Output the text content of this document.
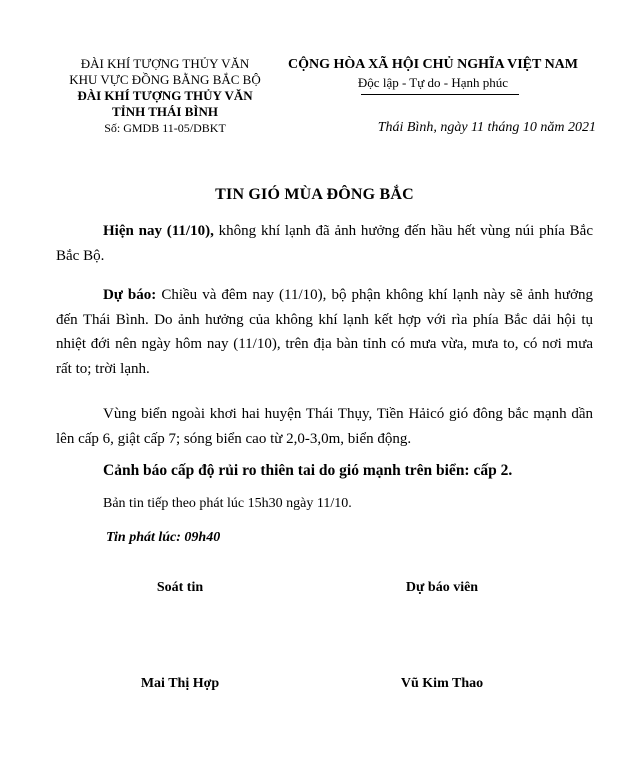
ĐÀI KHÍ TƯỢNG THỦY VĂN
KHU VỰC ĐỒNG BẰNG BẮC BỘ
ĐÀI KHÍ TƯỢNG THỦY VĂN
TỈNH THÁI BÌNH
Số: GMDB 11-05/DBKT
CỘNG HÒA XÃ HỘI CHỦ NGHĨA VIỆT NAM
Độc lập - Tự do - Hạnh phúc
Thái Bình, ngày 11 tháng 10 năm 2021
TIN GIÓ MÙA ĐÔNG BẮC

Hiện nay (11/10), không khí lạnh đã ảnh hưởng đến hầu hết vùng núi phía Bắc Bắc Bộ.

Dự báo: Chiều và đêm nay (11/10), bộ phận không khí lạnh này sẽ ảnh hưởng đến Thái Bình. Do ảnh hưởng của không khí lạnh kết hợp với rìa phía Bắc dải hội tụ nhiệt đới nên ngày hôm nay (11/10), trên địa bàn tỉnh có mưa vừa, mưa to, có nơi mưa rất to; trời lạnh.

Vùng biển ngoài khơi hai huyện Thái Thụy, Tiền Hảicó gió đông bắc mạnh dần lên cấp 6, giật cấp 7; sóng biển cao từ 2,0-3,0m, biển động.

Cảnh báo cấp độ rủi ro thiên tai do gió mạnh trên biển: cấp 2.
Bản tin tiếp theo phát lúc 15h30 ngày 11/10.
Tin phát lúc: 09h40
Soát tin	Dự báo viên
Mai Thị Hợp	Vũ Kim Thao
